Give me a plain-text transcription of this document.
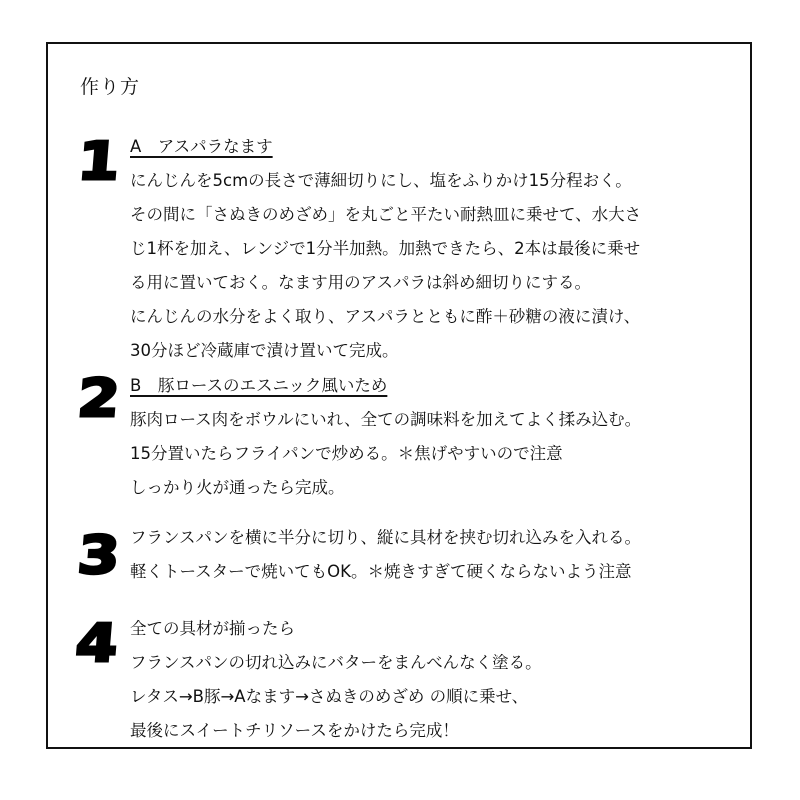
作り方
1 A　アスパラなます
にんじんを5cmの長さで薄細切りにし、塩をふりかけ15分程おく。
その間に「さぬきのめざめ」を丸ごと平たい耐熱皿に乗せて、水大さ
じ1杯を加え、レンジで1分半加熱。加熱できたら、2本は最後に乗せ
る用に置いておく。なます用のアスパラは斜め細切りにする。
にんじんの水分をよく取り、アスパラとともに酢＋砂糖の液に漬け、
30分ほど冷蔵庫で漬け置いて完成。
2 B　豚ロースのエスニック風いため
豚肉ロース肉をボウルにいれ、全ての調味料を加えてよく揉み込む。
15分置いたらフライパンで炒める。＊焦げやすいので注意
しっかり火が通ったら完成。
3 フランスパンを横に半分に切り、縦に具材を挟む切れ込みを入れる。
軽くトースターで焼いてもOK。＊焼きすぎて硬くならないよう注意
4 全ての具材が揃ったら
フランスパンの切れ込みにバターをまんべんなく塗る。
レタス→B豚→Aなます→さぬきのめざめ の順に乗せ、
最後にスイートチリソースをかけたら完成！
